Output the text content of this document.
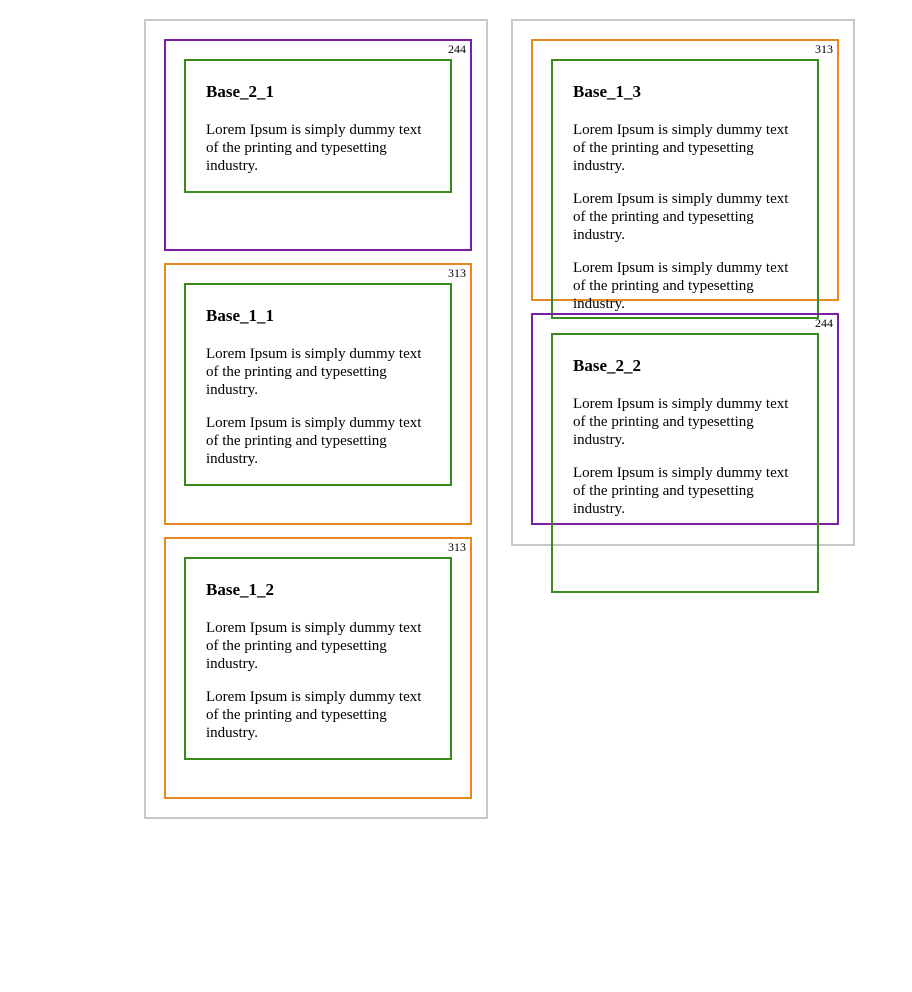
244
Base_2_1

Lorem Ipsum is simply dummy text of the printing and typesetting industry.

313
Base_1_1

Lorem Ipsum is simply dummy text of the printing and typesetting industry.

Lorem Ipsum is simply dummy text of the printing and typesetting industry.

313
Base_1_2

Lorem Ipsum is simply dummy text of the printing and typesetting industry.

Lorem Ipsum is simply dummy text of the printing and typesetting industry.

313
Base_1_3

Lorem Ipsum is simply dummy text of the printing and typesetting industry.

Lorem Ipsum is simply dummy text of the printing and typesetting industry.

Lorem Ipsum is simply dummy text of the printing and typesetting industry.

244
Base_2_2

Lorem Ipsum is simply dummy text of the printing and typesetting industry.

Lorem Ipsum is simply dummy text of the printing and typesetting industry.
